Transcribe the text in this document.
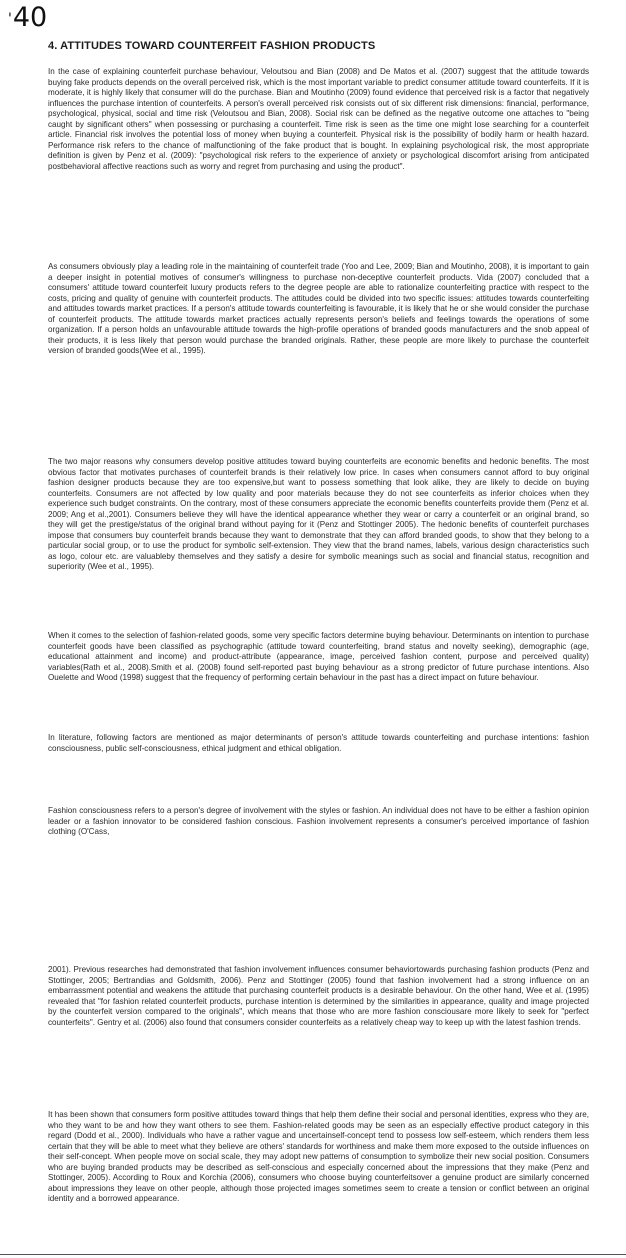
'40
4. ATTITUDES TOWARD COUNTERFEIT FASHION PRODUCTS

In the case of explaining counterfeit purchase behaviour, Veloutsou and Bian (2008) and De Matos et al. (2007) suggest that the attitude towards buying fake products depends on the overall perceived risk, which is the most important variable to predict consumer attitude toward counterfeits. If it is moderate, it is highly likely that consumer will do the purchase. Bian and Moutinho (2009) found evidence that perceived risk is a factor that negatively influences the purchase intention of counterfeits. A person's overall perceived risk consists out of six different risk dimensions: financial, performance, psychological, physical, social and time risk (Veloutsou and Bian, 2008). Social risk can be defined as the negative outcome one attaches to "being caught by significant others" when possessing or purchasing a counterfeit. Time risk is seen as the time one might lose searching for a counterfeit article. Financial risk involves the potential loss of money when buying a counterfeit. Physical risk is the possibility of bodily harm or health hazard. Performance risk refers to the chance of malfunctioning of the fake product that is bought. In explaining psychological risk, the most appropriate definition is given by Penz et al. (2009): "psychological risk refers to the experience of anxiety or psychological discomfort arising from anticipated postbehavioral affective reactions such as worry and regret from purchasing and using the product".

As consumers obviously play a leading role in the maintaining of counterfeit trade (Yoo and Lee, 2009; Bian and Moutinho, 2008), it is important to gain a deeper insight in potential motives of consumer's willingness to purchase non-deceptive counterfeit products. Vida (2007) concluded that a consumers' attitude toward counterfeit luxury products refers to the degree people are able to rationalize counterfeiting practice with respect to the costs, pricing and quality of genuine with counterfeit products. The attitudes could be divided into two specific issues: attitudes towards counterfeiting and attitudes towards market practices. If a person's attitude towards counterfeiting is favourable, it is likely that he or she would consider the purchase of counterfeit products. The attitude towards market practices actually represents person's beliefs and feelings towards the operations of some organization. If a person holds an unfavourable attitude towards the high-profile operations of branded goods manufacturers and the snob appeal of their products, it is less likely that person would purchase the branded originals. Rather, these people are more likely to purchase the counterfeit version of branded goods(Wee et al., 1995).

The two major reasons why consumers develop positive attitudes toward buying counterfeits are economic benefits and hedonic benefits. The most obvious factor that motivates purchases of counterfeit brands is their relatively low price. In cases when consumers cannot afford to buy original fashion designer products because they are too expensive,but want to possess something that look alike, they are likely to decide on buying counterfeits. Consumers are not affected by low quality and poor materials because they do not see counterfeits as inferior choices when they experience such budget constraints. On the contrary, most of these consumers appreciate the economic benefits counterfeits provide them (Penz et al. 2009; Ang et al.,2001). Consumers believe they will have the identical appearance whether they wear or carry a counterfeit or an original brand, so they will get the prestige/status of the original brand without paying for it (Penz and Stottinger 2005). The hedonic benefits of counterfeit purchases impose that consumers buy counterfeit brands because they want to demonstrate that they can afford branded goods, to show that they belong to a particular social group, or to use the product for symbolic self-extension. They view that the brand names, labels, various design characteristics such as logo, colour etc. are valuableby themselves and they satisfy a desire for symbolic meanings such as social and financial status, recognition and superiority (Wee et al., 1995).

When it comes to the selection of fashion-related goods, some very specific factors determine buying behaviour. Determinants on intention to purchase counterfeit goods have been classified as psychographic (attitude toward counterfeiting, brand status and novelty seeking), demographic (age, educational attainment and income) and product-attribute (appearance, image, perceived fashion content, purpose and perceived quality) variables(Rath et al., 2008).Smith et al. (2008) found self-reported past buying behaviour as a strong predictor of future purchase intentions. Also Ouelette and Wood (1998) suggest that the frequency of performing certain behaviour in the past has a direct impact on future behaviour.

In literature, following factors are mentioned as major determinants of person's attitude towards counterfeiting and purchase intentions: fashion consciousness, public self-consciousness, ethical judgment and ethical obligation.

Fashion consciousness refers to a person's degree of involvement with the styles or fashion. An individual does not have to be either a fashion opinion leader or a fashion innovator to be considered fashion conscious. Fashion involvement represents a consumer's perceived importance of fashion clothing (O'Cass,

2001). Previous researches had demonstrated that fashion involvement influences consumer behaviortowards purchasing fashion products (Penz and Stottinger, 2005; Bertrandias and Goldsmith, 2006). Penz and Stottinger (2005) found that fashion involvement had a strong influence on an embarrassment potential and weakens the attitude that purchasing counterfeit products is a desirable behaviour. On the other hand, Wee et al. (1995) revealed that "for fashion related counterfeit products, purchase intention is determined by the similarities in appearance, quality and image projected by the counterfeit version compared to the originals", which means that those who are more fashion consciousare more likely to seek for "perfect counterfeits". Gentry et al. (2006) also found that consumers consider counterfeits as a relatively cheap way to keep up with the latest fashion trends.

It has been shown that consumers form positive attitudes toward things that help them define their social and personal identities, express who they are, who they want to be and how they want others to see them. Fashion-related goods may be seen as an especially effective product category in this regard (Dodd et al., 2000). Individuals who have a rather vague and uncertainself-concept tend to possess low self-esteem, which renders them less certain that they will be able to meet what they believe are others' standards for worthiness and make them more exposed to the outside influences on their self-concept. When people move on social scale, they may adopt new patterns of consumption to symbolize their new social position. Consumers who are buying branded products may be described as self-conscious and especially concerned about the impressions that they make (Penz and Stottinger, 2005). According to Roux and Korchia (2006), consumers who choose buying counterfeitsover a genuine product are similarly concerned about impressions they leave on other people, although those projected images sometimes seem to create a tension or conflict between an original identity and a borrowed appearance.
